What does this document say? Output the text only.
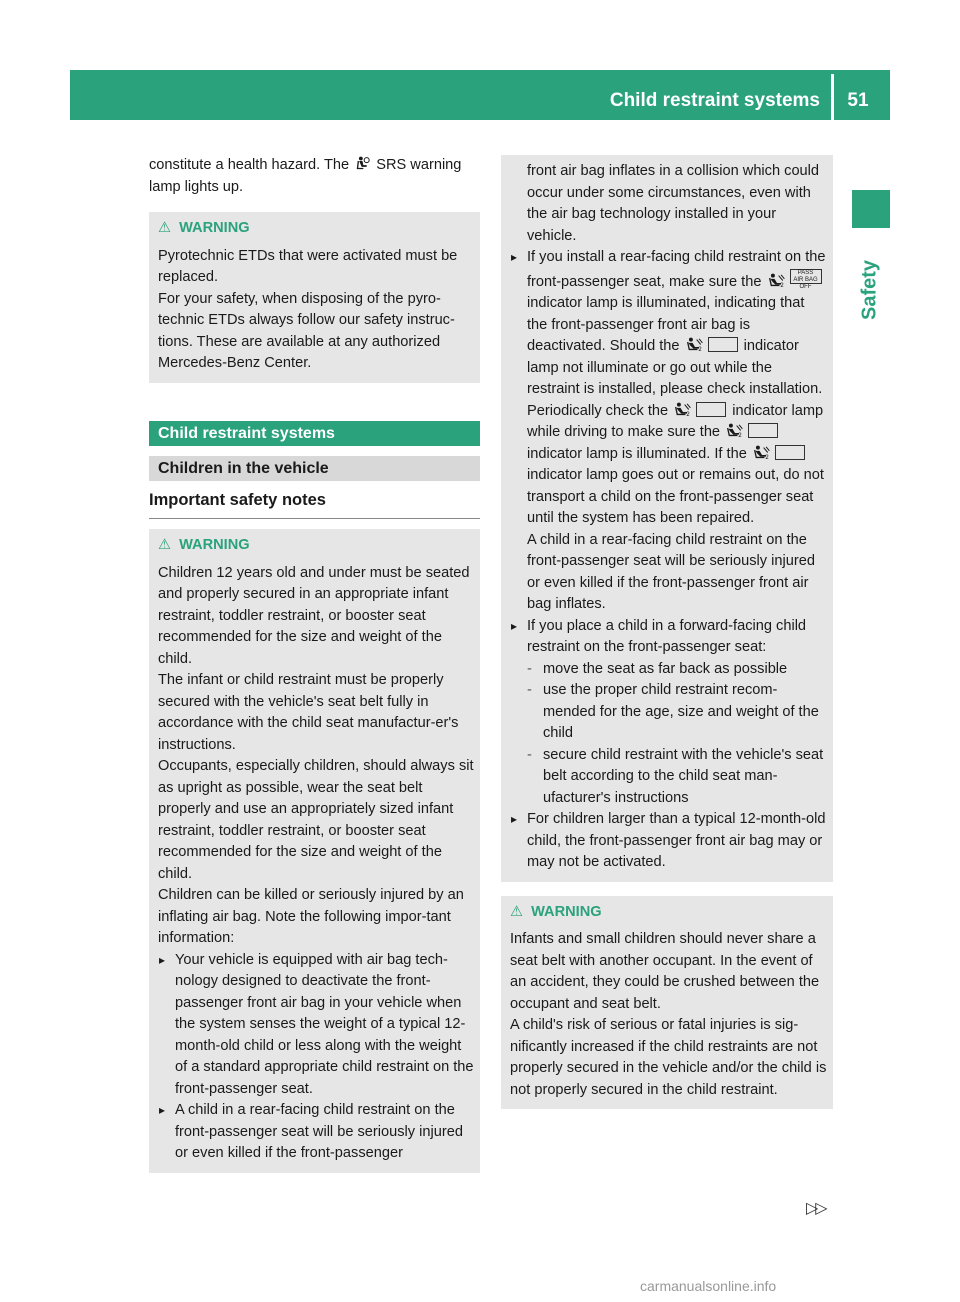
Child restraint systems	51
Safety

constitute a health hazard. The SRS warning lamp lights up.

⚠ WARNING

Pyrotechnic ETDs that were activated must be replaced.

For your safety, when disposing of the pyro-technic ETDs always follow our safety instruc-tions. These are available at any authorized Mercedes-Benz Center.

Child restraint systems
Children in the vehicle
Important safety notes
⚠ WARNING

Children 12 years old and under must be seated and properly secured in an appropriate infant restraint, toddler restraint, or booster seat recommended for the size and weight of the child.

The infant or child restraint must be properly secured with the vehicle's seat belt fully in accordance with the child seat manufactur-er's instructions.

Occupants, especially children, should always sit as upright as possible, wear the seat belt properly and use an appropriately sized infant restraint, toddler restraint, or booster seat recommended for the size and weight of the child.

Children can be killed or seriously injured by an inflating air bag. Note the following impor-tant information:

▸ Your vehicle is equipped with air bag tech-nology designed to deactivate the front-passenger front air bag in your vehicle when the system senses the weight of a typical 12-month-old child or less along with the weight of a standard appropriate child restraint on the front-passenger seat.

▸ A child in a rear-facing child restraint on the front-passenger seat will be seriously injured or even killed if the front-passenger

front air bag inflates in a collision which could occur under some circumstances, even with the air bag technology installed in your vehicle.

▸ If you install a rear-facing child restraint on the front-passenger seat, make sure the PASS
AIR BAG OFF indicator lamp is illuminated, indicating that the front-passenger front air bag is deactivated. Should the	indicator lamp not illuminate or go out while the restraint is installed, please check installation. Periodically check the	indicator lamp while driving to make sure the  indicator lamp is illuminated. If the  indicator lamp goes out or remains out, do not transport a child on the front-passenger seat until the system has been repaired.

A child in a rear-facing child restraint on the front-passenger seat will be seriously injured or even killed if the front-passenger front air bag inflates.

▸ If you place a child in a forward-facing child restraint on the front-passenger seat:

- move the seat as far back as possible

- use the proper child restraint recom-mended for the age, size and weight of the child

- secure child restraint with the vehicle's seat belt according to the child seat man-ufacturer's instructions

▸ For children larger than a typical 12-month-old child, the front-passenger front air bag may or may not be activated.

⚠ WARNING

Infants and small children should never share a seat belt with another occupant. In the event of an accident, they could be crushed between the occupant and seat belt.

A child's risk of serious or fatal injuries is sig-nificantly increased if the child restraints are not properly secured in the vehicle and/or the child is not properly secured in the child restraint.

▷▷
carmanualsonline.info
